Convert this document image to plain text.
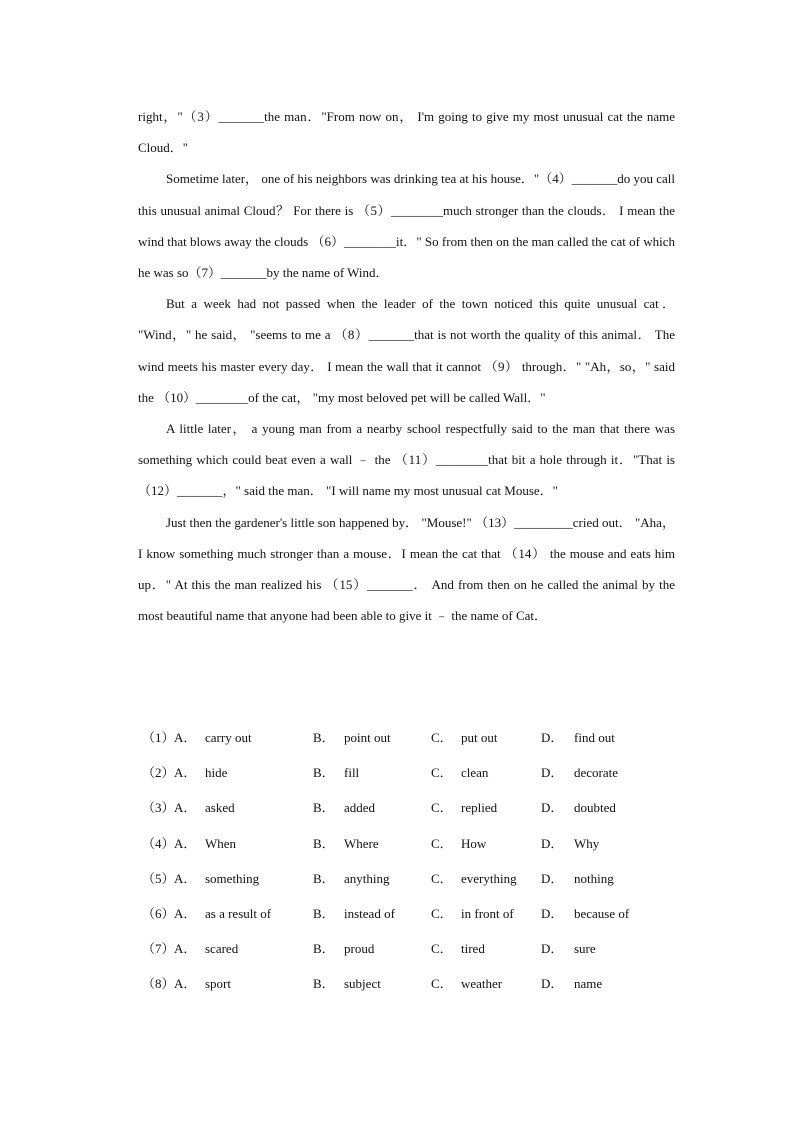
right，"（3）_______the man．"From now on， I'm going to give my most unusual cat the name Cloud．"

Sometime later， one of his neighbors was drinking tea at his house．"（4）_______do you call this unusual animal Cloud？ For there is （5）________much stronger than the clouds． I mean the wind that blows away the clouds （6）________it．" So from then on the man called the cat of which he was so（7）_______by the name of Wind．

But a week had not passed when the leader of the town noticed this quite unusual cat． "Wind，" he said， "seems to me a （8）_______that is not worth the quality of this animal． The wind meets his master every day． I mean the wall that it cannot （9） through．" "Ah，so，" said the （10）________of the cat， "my most beloved pet will be called Wall．"

A little later， a young man from a nearby school respectfully said to the man that there was something which could beat even a wall ﹣ the （11）________that bit a hole through it．"That is （12）_______，" said the man． "I will name my most unusual cat Mouse．"

Just then the gardener's little son happened by． "Mouse!" （13）_________cried out． "Aha，I know something much stronger than a mouse．I mean the cat that （14） the mouse and eats him up．" At this the man realized his （15）_______． And from then on he called the animal by the most beautiful name that anyone had been able to give it ﹣ the name of Cat．

（1） A． carry out	B． point out	C． put out	D． find out
（2） A． hide	B． fill	C． clean	D． decorate
（3） A． asked	B． added	C． replied	D． doubted
（4） A． When	B． Where	C． How	D． Why
（5） A． something	B． anything	C． everything D． nothing
（6） A． as a result of	B． instead of	C． in front of D． because of
（7） A． scared	B． proud	C． tired	D． sure
（8） A． sport	B． subject	C． weather	D． name
